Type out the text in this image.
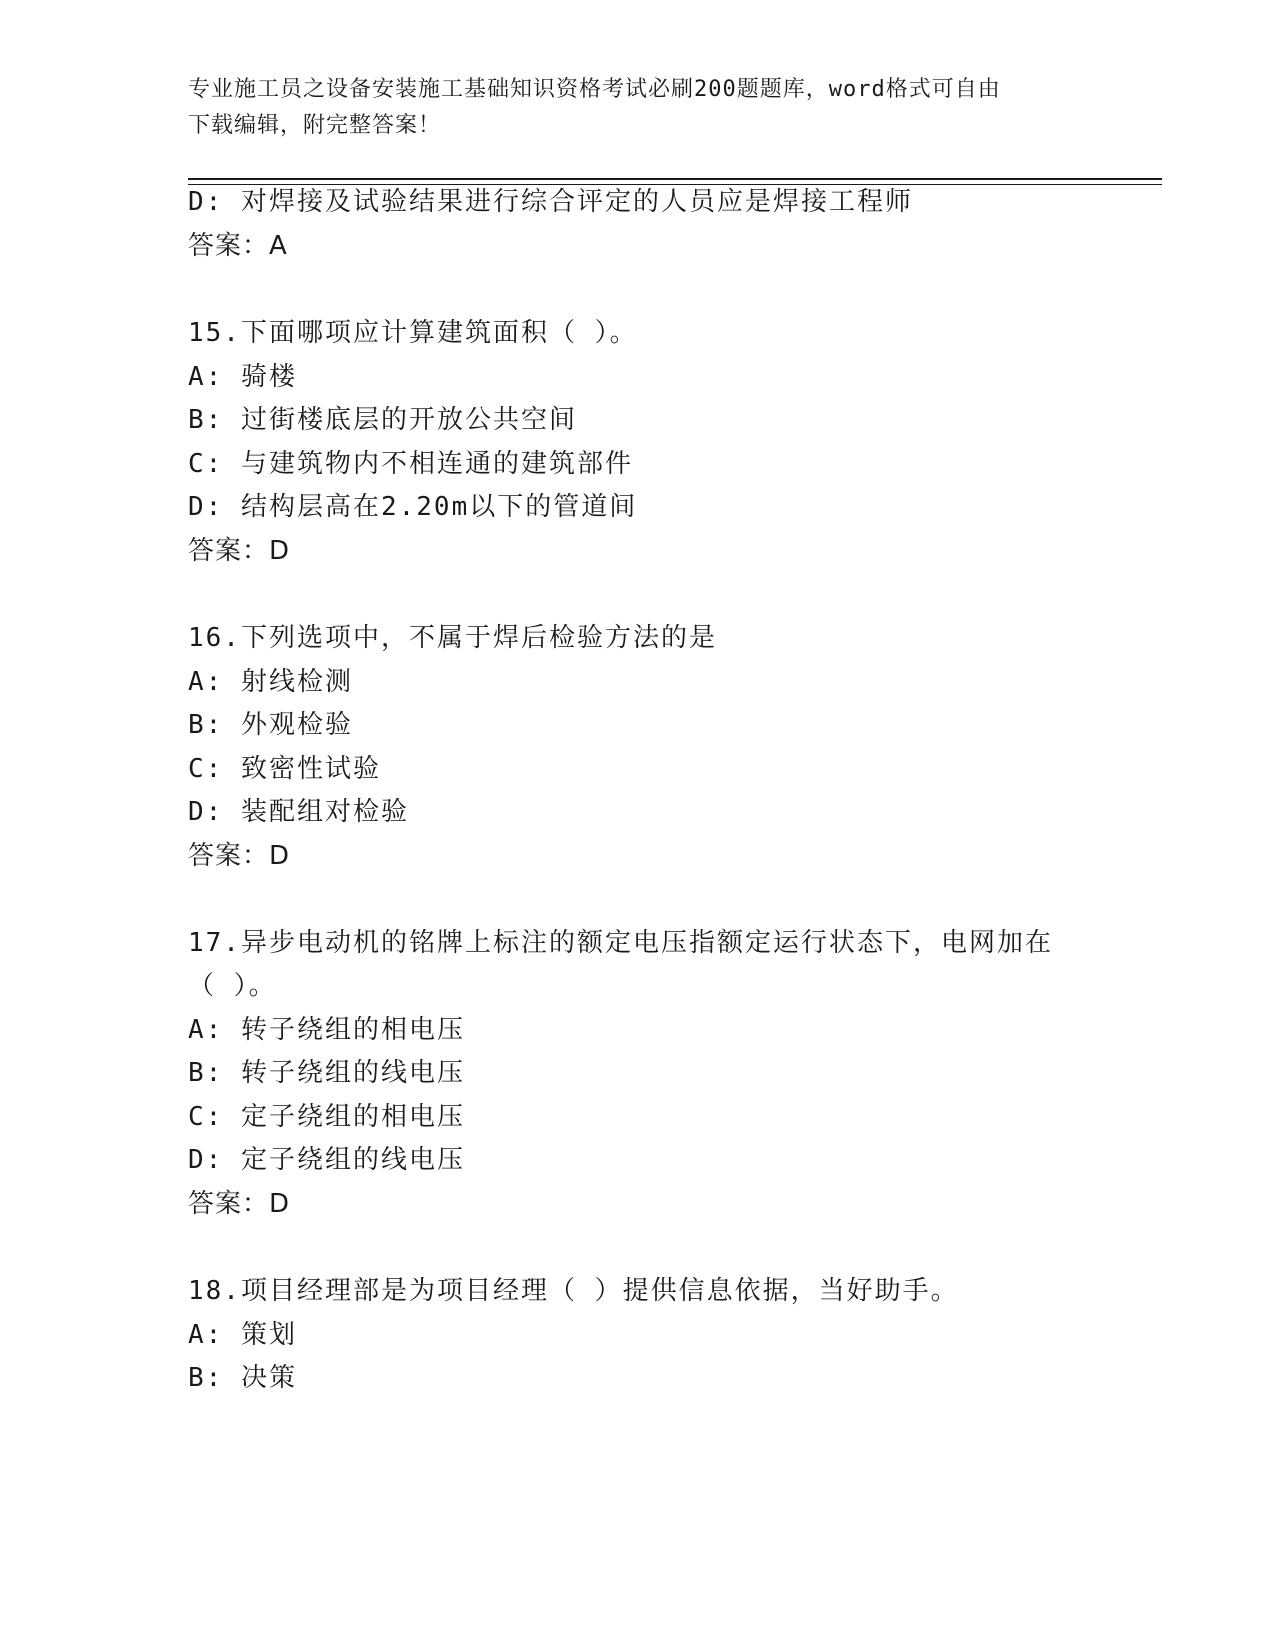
专业施工员之设备安装施工基础知识资格考试必刷200题题库，word格式可自由
下载编辑，附完整答案！
D: 对焊接及试验结果进行综合评定的人员应是焊接工程师
答案：A
15.下面哪项应计算建筑面积（ ）。
A: 骑楼
B: 过街楼底层的开放公共空间
C: 与建筑物内不相连通的建筑部件
D: 结构层高在2.20m以下的管道间
答案：D
16.下列选项中，不属于焊后检验方法的是
A: 射线检测
B: 外观检验
C: 致密性试验
D: 装配组对检验
答案：D
17.异步电动机的铭牌上标注的额定电压指额定运行状态下，电网加在
（ ）。
A: 转子绕组的相电压
B: 转子绕组的线电压
C: 定子绕组的相电压
D: 定子绕组的线电压
答案：D
18.项目经理部是为项目经理（ ）提供信息依据，当好助手。
A: 策划
B: 决策
